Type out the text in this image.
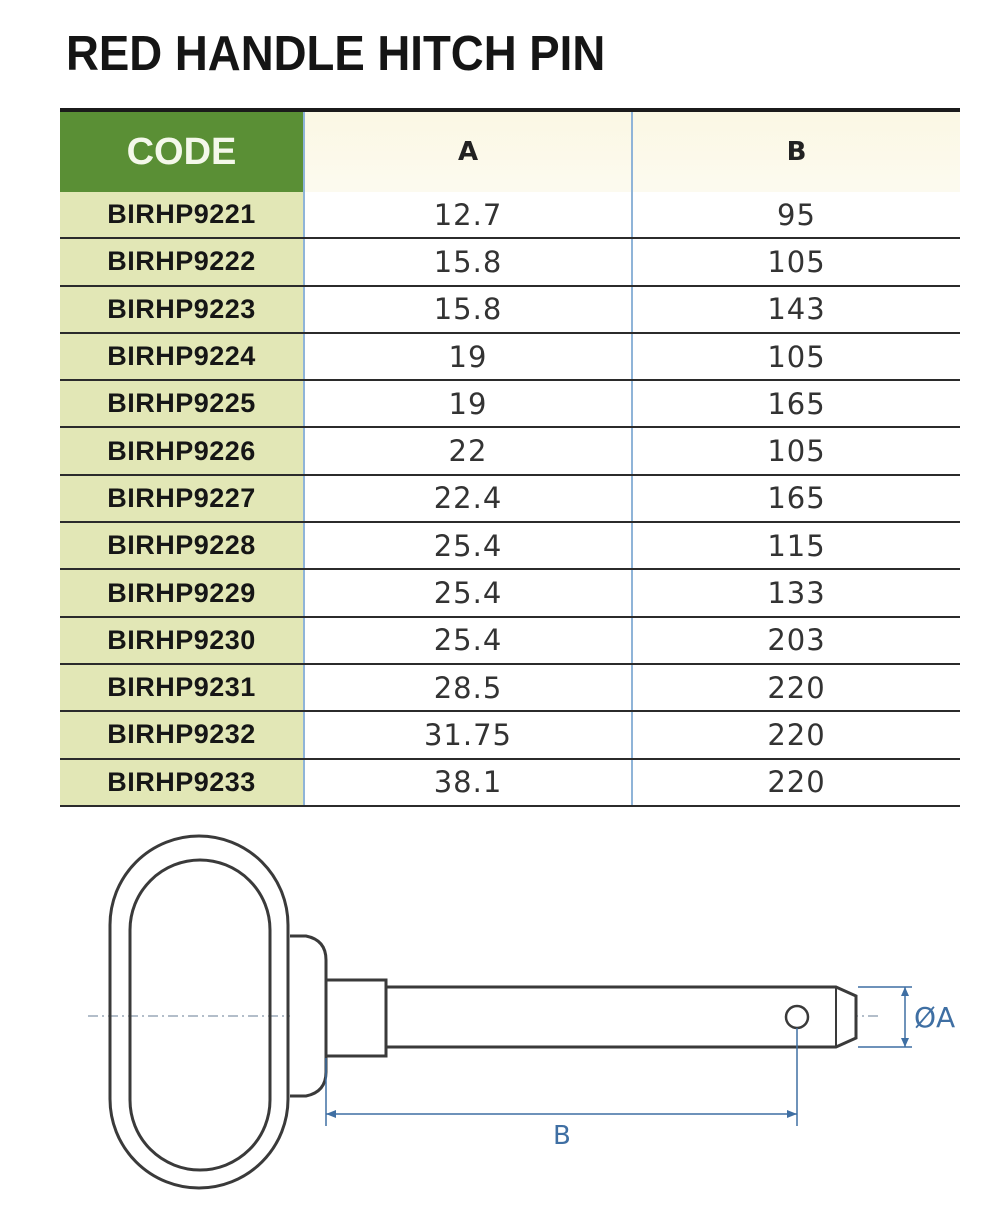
RED HANDLE HITCH PIN
CODE	A	B
BIRHP9221	12.7	95
BIRHP9222	15.8	105
BIRHP9223	15.8	143
BIRHP9224	19	105
BIRHP9225	19	165
BIRHP9226	22	105
BIRHP9227	22.4	165
BIRHP9228	25.4	115
BIRHP9229	25.4	133
BIRHP9230	25.4	203
BIRHP9231	28.5	220
BIRHP9232	31.75	220
BIRHP9233	38.1	220
ØA
B
